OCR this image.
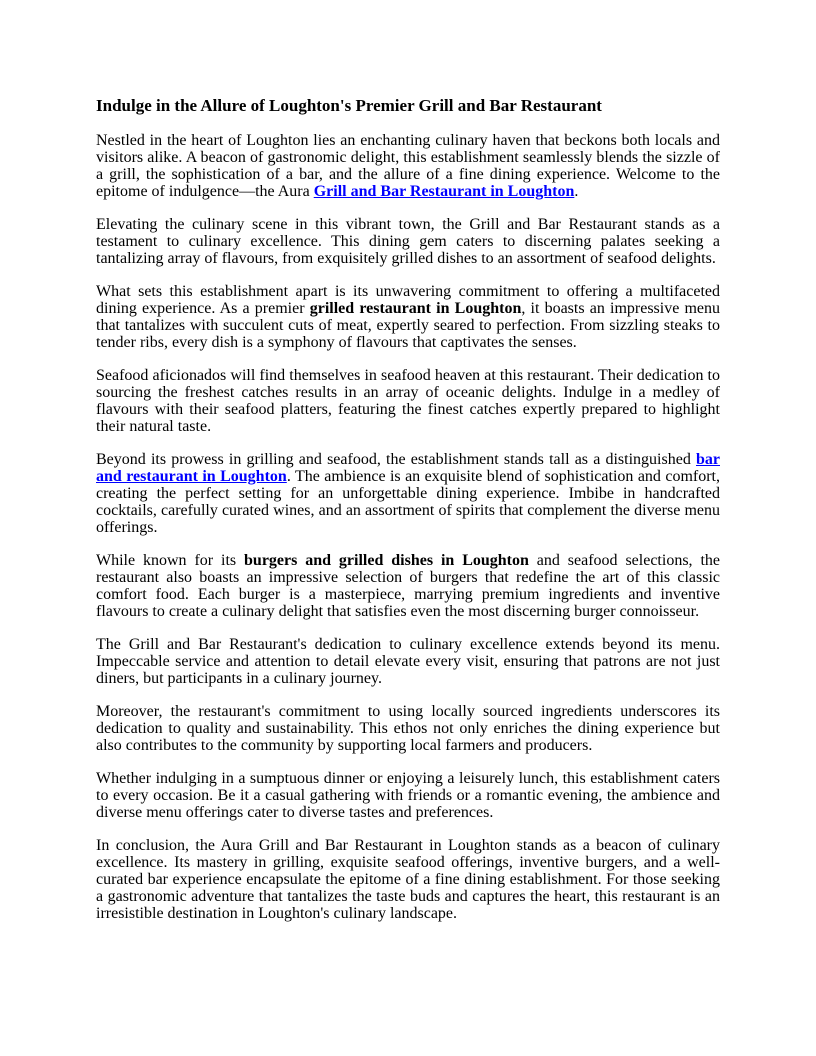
Indulge in the Allure of Loughton's Premier Grill and Bar Restaurant

Nestled in the heart of Loughton lies an enchanting culinary haven that beckons both locals and visitors alike. A beacon of gastronomic delight, this establishment seamlessly blends the sizzle of a grill, the sophistication of a bar, and the allure of a fine dining experience. Welcome to the epitome of indulgence—the Aura Grill and Bar Restaurant in Loughton.

Elevating the culinary scene in this vibrant town, the Grill and Bar Restaurant stands as a testament to culinary excellence. This dining gem caters to discerning palates seeking a tantalizing array of flavours, from exquisitely grilled dishes to an assortment of seafood delights.

What sets this establishment apart is its unwavering commitment to offering a multifaceted dining experience. As a premier grilled restaurant in Loughton, it boasts an impressive menu that tantalizes with succulent cuts of meat, expertly seared to perfection. From sizzling steaks to tender ribs, every dish is a symphony of flavours that captivates the senses.

Seafood aficionados will find themselves in seafood heaven at this restaurant. Their dedication to sourcing the freshest catches results in an array of oceanic delights. Indulge in a medley of flavours with their seafood platters, featuring the finest catches expertly prepared to highlight their natural taste.

Beyond its prowess in grilling and seafood, the establishment stands tall as a distinguished bar and restaurant in Loughton. The ambience is an exquisite blend of sophistication and comfort, creating the perfect setting for an unforgettable dining experience. Imbibe in handcrafted cocktails, carefully curated wines, and an assortment of spirits that complement the diverse menu offerings.

While known for its burgers and grilled dishes in Loughton and seafood selections, the restaurant also boasts an impressive selection of burgers that redefine the art of this classic comfort food. Each burger is a masterpiece, marrying premium ingredients and inventive flavours to create a culinary delight that satisfies even the most discerning burger connoisseur.

The Grill and Bar Restaurant's dedication to culinary excellence extends beyond its menu. Impeccable service and attention to detail elevate every visit, ensuring that patrons are not just diners, but participants in a culinary journey.

Moreover, the restaurant's commitment to using locally sourced ingredients underscores its dedication to quality and sustainability. This ethos not only enriches the dining experience but also contributes to the community by supporting local farmers and producers.

Whether indulging in a sumptuous dinner or enjoying a leisurely lunch, this establishment caters to every occasion. Be it a casual gathering with friends or a romantic evening, the ambience and diverse menu offerings cater to diverse tastes and preferences.

In conclusion, the Aura Grill and Bar Restaurant in Loughton stands as a beacon of culinary excellence. Its mastery in grilling, exquisite seafood offerings, inventive burgers, and a well-curated bar experience encapsulate the epitome of a fine dining establishment. For those seeking a gastronomic adventure that tantalizes the taste buds and captures the heart, this restaurant is an irresistible destination in Loughton's culinary landscape.
